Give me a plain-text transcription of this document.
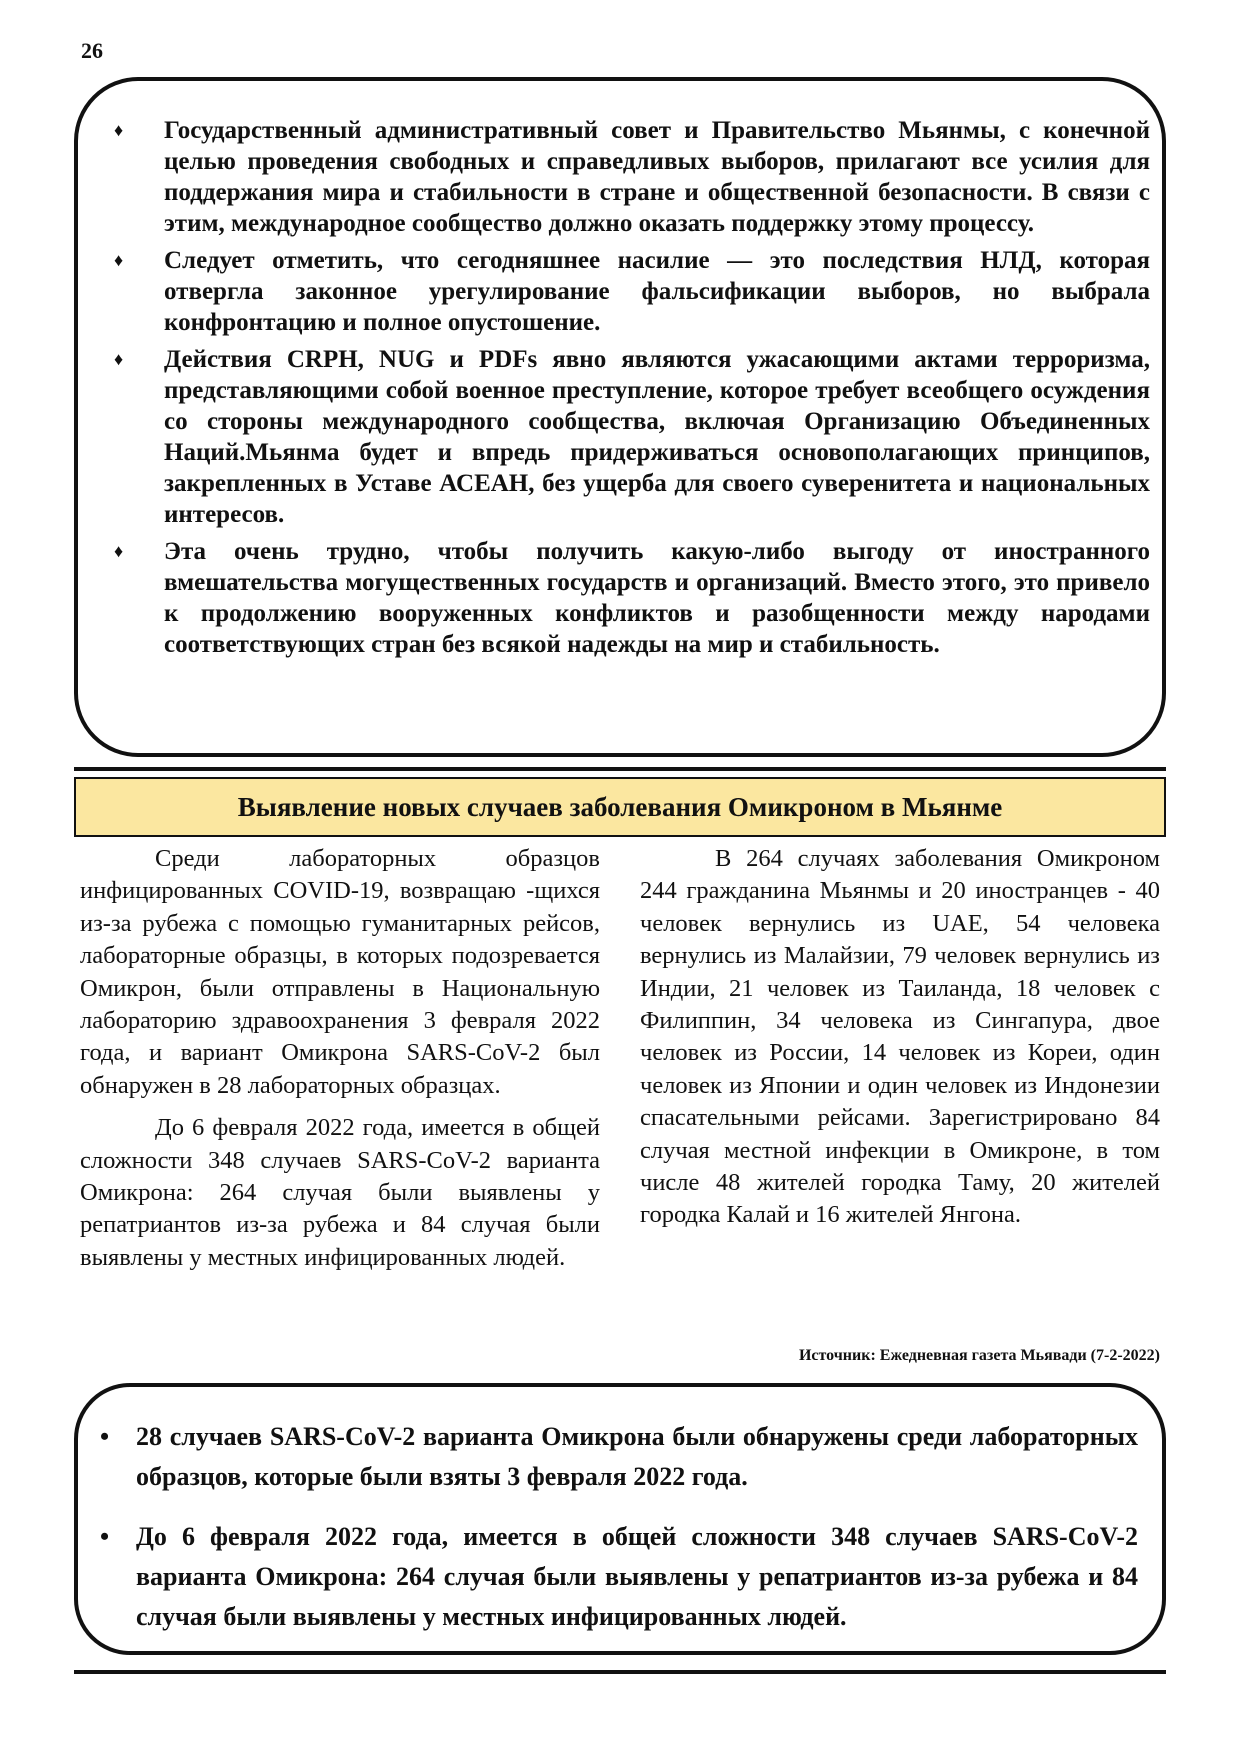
26
♦ Государственный административный совет и Правительство Мьянмы, с конечной целью проведения свободных и справедливых выборов, прилагают все усилия для поддержания мира и стабильности в стране и общественной безопасности. В связи с этим, международное сообщество должно оказать поддержку этому процессу.
♦ Следует отметить, что сегодняшнее насилие — это последствия НЛД, которая отвергла законное урегулирование фальсификации выборов, но выбрала конфронтацию и полное опустошение.
♦ Действия CRPH, NUG и PDFs явно являются ужасающими актами терроризма, представляющими собой военное преступление, которое требует всеобщего осуждения со стороны международного сообщества, включая Организацию Объединенных Наций.Мьянма будет и впредь придерживаться основополагающих принципов, закрепленных в Уставе АСЕАН, без ущерба для своего суверенитета и национальных интересов.
♦ Эта очень трудно, чтобы получить какую-либо выгоду от иностранного вмешательства могущественных государств и организаций. Вместо этого, это привело к продолжению вооруженных конфликтов и разобщенности между народами соответствующих стран без всякой надежды на мир и стабильность.
Выявление новых случаев заболевания Омикроном в Мьянме

Среди лабораторных образцов инфицированных COVID-19, возвращаю -щихся из-за рубежа с помощью гуманитарных рейсов, лабораторные образцы, в которых подозревается Омикрон, были отправлены в Национальную лабораторию здравоохранения 3 февраля 2022 года, и вариант Омикрона SARS-CoV-2 был обнаружен в 28 лабораторных образцах.

До 6 февраля 2022 года, имеется в общей сложности 348 случаев SARS-CoV-2 варианта Омикрона: 264 случая были выявлены у репатриантов из-за рубежа и 84 случая были выявлены у местных инфицированных людей.

В 264 случаях заболевания Омикроном 244 гражданина Мьянмы и 20 иностранцев - 40 человек вернулись из UAE, 54 человека вернулись из Малайзии, 79 человек вернулись из Индии, 21 человек из Таиланда, 18 человек с Филиппин, 34 человека из Сингапура, двое человек из России, 14 человек из Кореи, один человек из Японии и один человек из Индонезии спасательными рейсами. Зарегистрировано 84 случая местной инфекции в Омикроне, в том числе 48 жителей городка Таму, 20 жителей городка Калай и 16 жителей Янгона.

Источник: Ежедневная газета Мьявади (7-2-2022)
• 28 случаев SARS-CoV-2 варианта Омикрона были обнаружены среди лабораторных образцов, которые были взяты 3 февраля 2022 года.
• До 6 февраля 2022 года, имеется в общей сложности 348 случаев SARS-CoV-2 варианта Омикрона: 264 случая были выявлены у репатриантов из-за рубежа и 84 случая были выявлены у местных инфицированных людей.
